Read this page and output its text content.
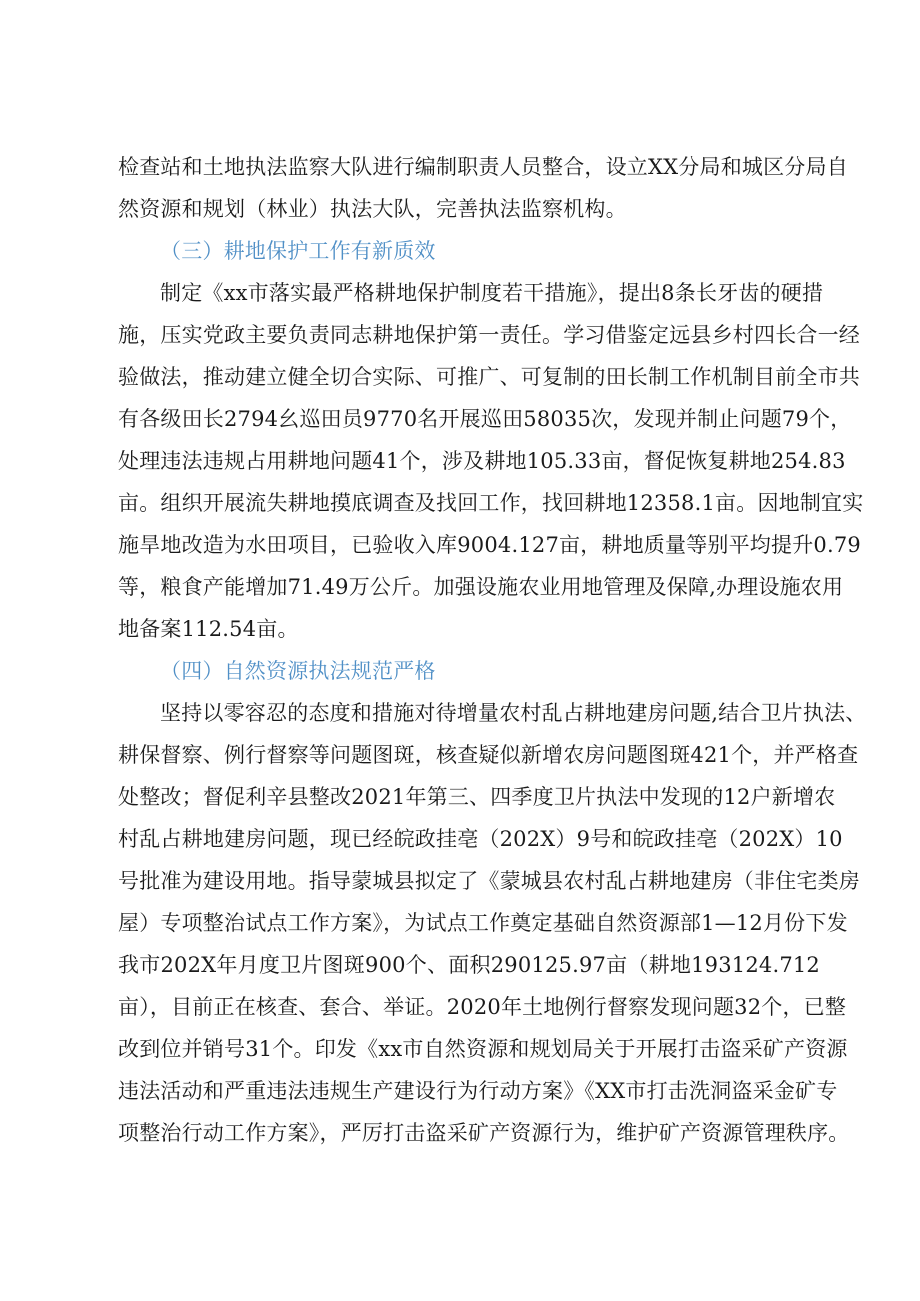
检查站和土地执法监察大队进行编制职责人员整合，设立XX分局和城区分局自
然资源和规划（林业）执法大队，完善执法监察机构。
（三）耕地保护工作有新质效
制定《xx市落实最严格耕地保护制度若干措施》，提出8条长牙齿的硬措
施，压实党政主要负责同志耕地保护第一责任。学习借鉴定远县乡村四长合一经
验做法，推动建立健全切合实际、可推广、可复制的田长制工作机制目前全市共
有各级田长2794幺巡田员9770名开展巡田58035次，发现并制止问题79个，
处理违法违规占用耕地问题41个，涉及耕地105.33亩，督促恢复耕地254.83
亩。组织开展流失耕地摸底调查及找回工作，找回耕地12358.1亩。因地制宜实
施旱地改造为水田项目，已验收入库9004.127亩，耕地质量等别平均提升0.79
等，粮食产能增加71.49万公斤。加强设施农业用地管理及保障,办理设施农用
地备案112.54亩。
（四）自然资源执法规范严格
坚持以零容忍的态度和措施对待增量农村乱占耕地建房问题,结合卫片执法、
耕保督察、例行督察等问题图斑，核查疑似新增农房问题图斑421个，并严格查
处整改；督促利辛县整改2021年第三、四季度卫片执法中发现的12户新增农
村乱占耕地建房问题，现已经皖政挂亳（202X）9号和皖政挂亳（202X）10
号批准为建设用地。指导蒙城县拟定了《蒙城县农村乱占耕地建房（非住宅类房
屋）专项整治试点工作方案》，为试点工作奠定基础自然资源部1—12月份下发
我市202X年月度卫片图斑900个、面积290125.97亩（耕地193124.712
亩），目前正在核查、套合、举证。2020年土地例行督察发现问题32个，已整
改到位并销号31个。印发《xx市自然资源和规划局关于开展打击盗采矿产资源
违法活动和严重违法违规生产建设行为行动方案》《XX市打击洗洞盗采金矿专
项整治行动工作方案》，严厉打击盗采矿产资源行为，维护矿产资源管理秩序。
